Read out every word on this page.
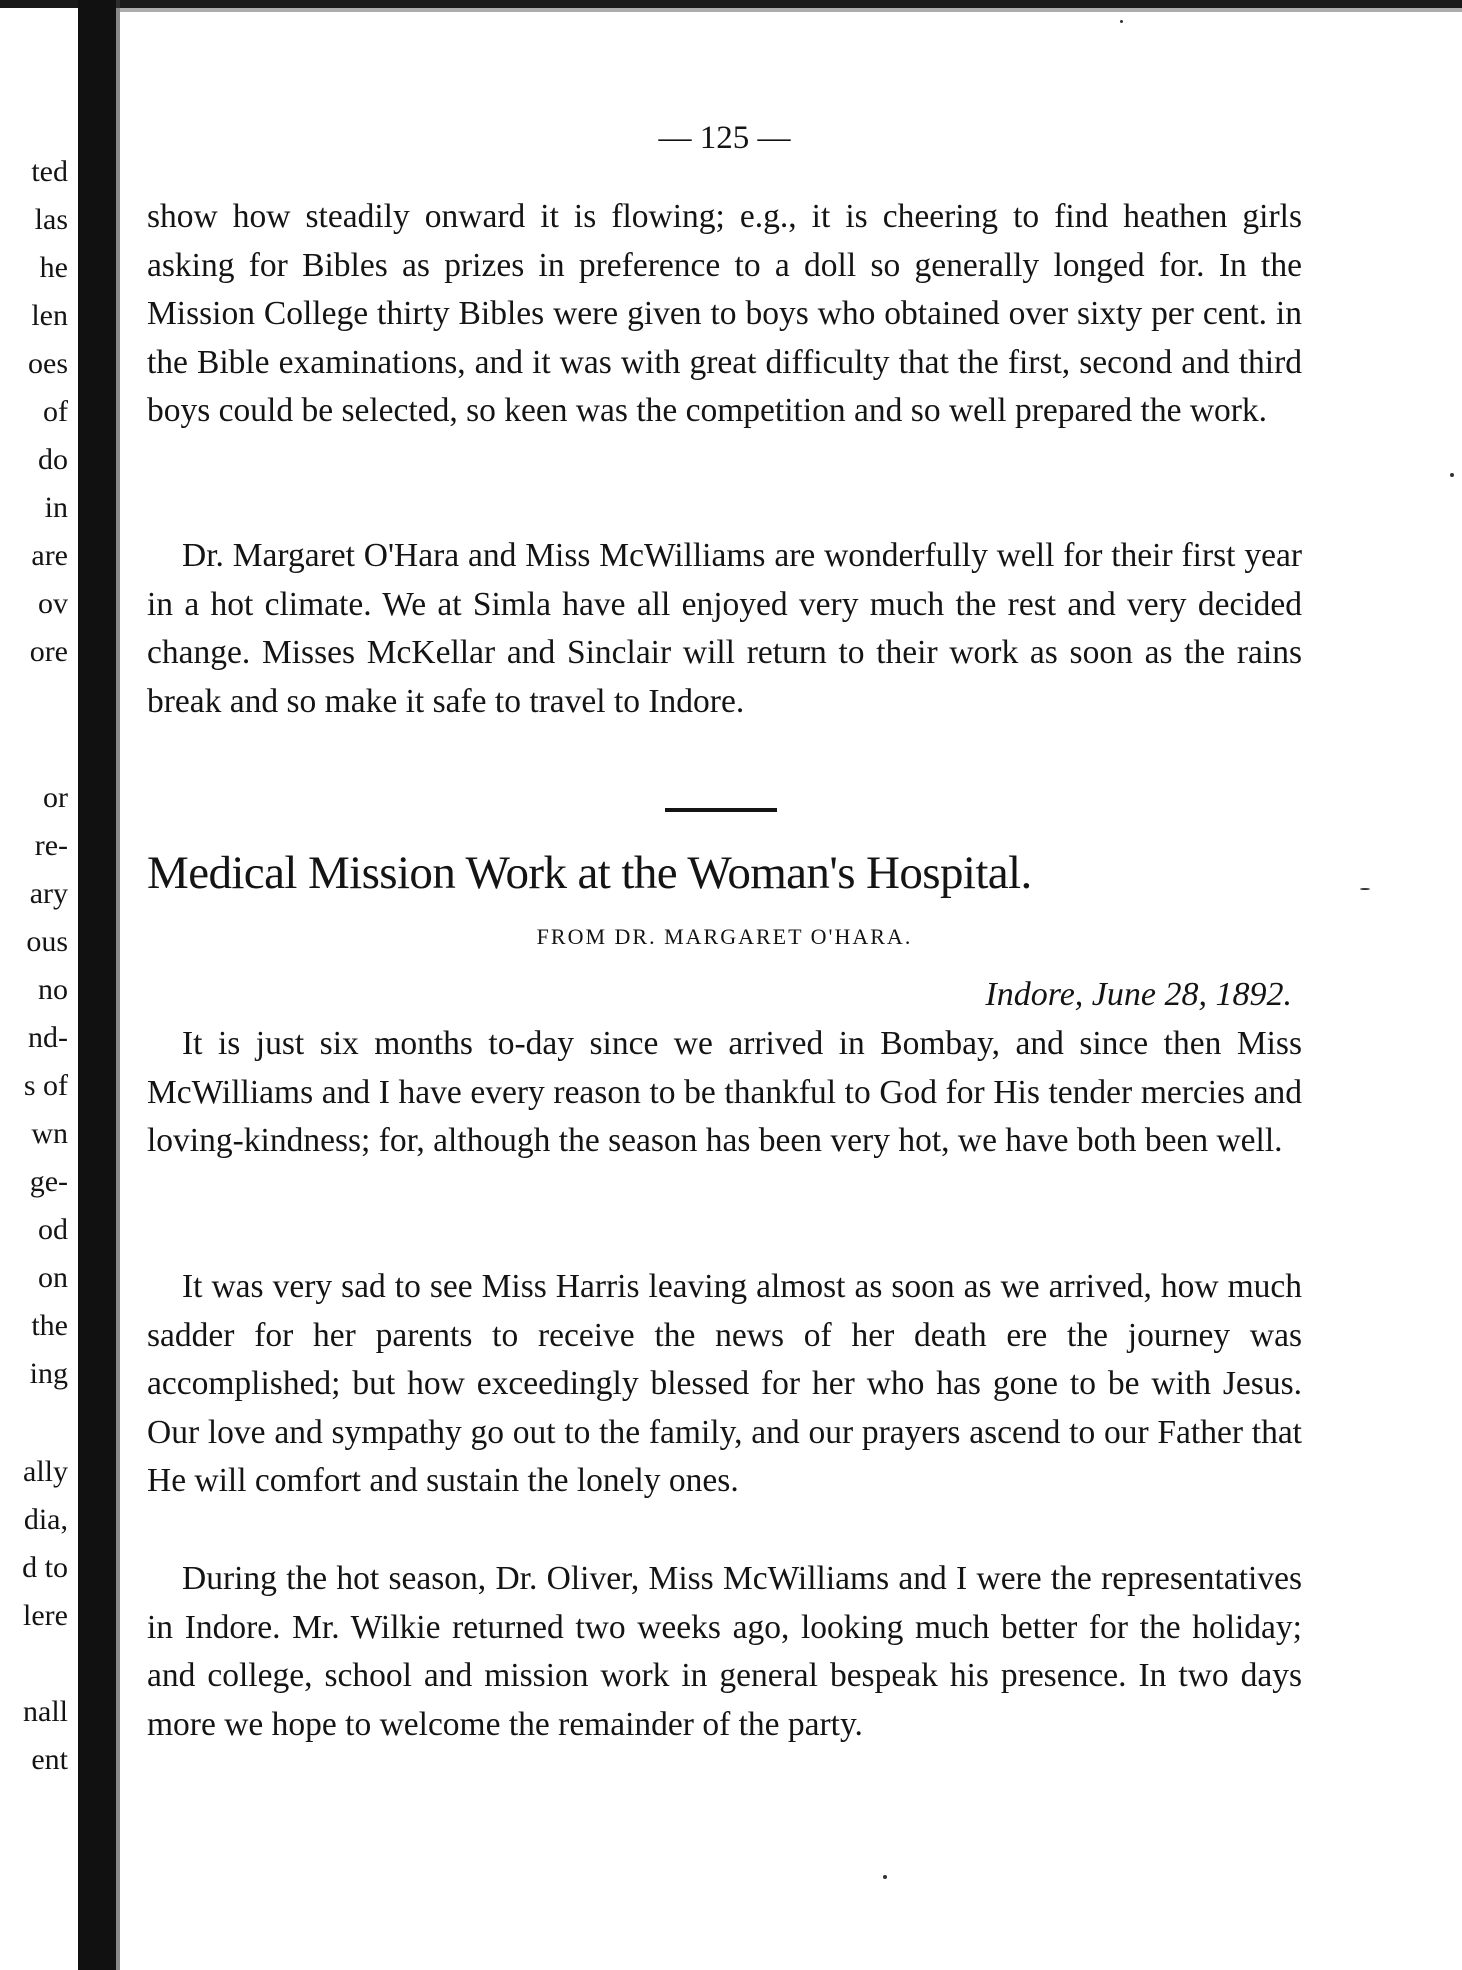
ted
las
he
len
oes
of
do
in
are
ov
ore
or
re-
ary
ous
no
nd-
s of
wn
ge-
od
on
the
ing
ally
dia,
d to
lere
nall
ent
— 125 —

show how steadily onward it is flowing; e.g., it is cheering to find heathen girls asking for Bibles as prizes in preference to a doll so generally longed for. In the Mission College thirty Bibles were given to boys who obtained over sixty per cent. in the Bible examinations, and it was with great difficulty that the first, second and third boys could be selected, so keen was the competition and so well prepared the work.

Dr. Margaret O'Hara and Miss McWilliams are wonderfully well for their first year in a hot climate. We at Simla have all enjoyed very much the rest and very decided change. Misses McKellar and Sinclair will return to their work as soon as the rains break and so make it safe to travel to Indore.

Medical Mission Work at the Woman's Hospital.
FROM DR. MARGARET O'HARA.
Indore, June 28, 1892.

It is just six months to-day since we arrived in Bombay, and since then Miss McWilliams and I have every reason to be thankful to God for His tender mercies and loving-kindness; for, although the season has been very hot, we have both been well.

It was very sad to see Miss Harris leaving almost as soon as we arrived, how much sadder for her parents to receive the news of her death ere the journey was accomplished; but how exceedingly blessed for her who has gone to be with Jesus. Our love and sympathy go out to the family, and our prayers ascend to our Father that He will comfort and sustain the lonely ones.

During the hot season, Dr. Oliver, Miss McWilliams and I were the representatives in Indore. Mr. Wilkie returned two weeks ago, looking much better for the holiday; and college, school and mission work in general bespeak his presence. In two days more we hope to welcome the remainder of the party.
